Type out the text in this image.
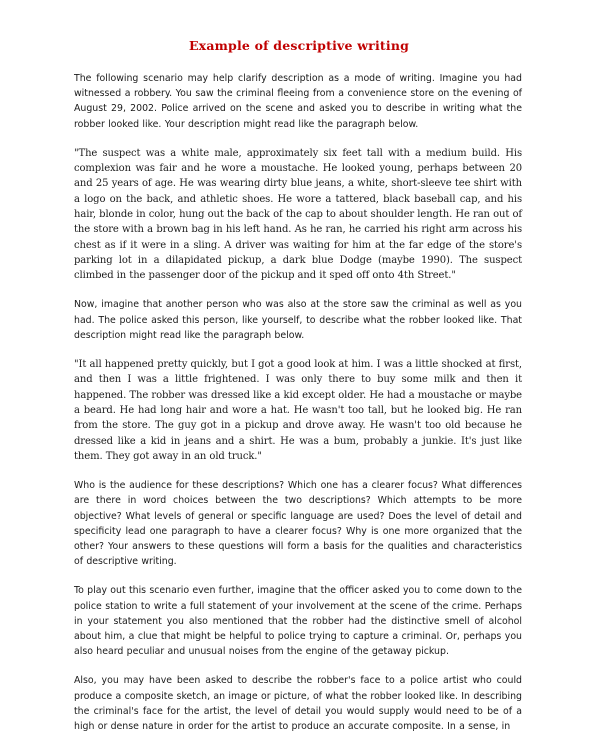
Example of descriptive writing

The following scenario may help clarify description as a mode of writing. Imagine you had witnessed a robbery. You saw the criminal fleeing from a convenience store on the evening of August 29, 2002. Police arrived on the scene and asked you to describe in writing what the robber looked like. Your description might read like the paragraph below.

"The suspect was a white male, approximately six feet tall with a medium build. His complexion was fair and he wore a moustache. He looked young, perhaps between 20 and 25 years of age. He was wearing dirty blue jeans, a white, short-sleeve tee shirt with a logo on the back, and athletic shoes. He wore a tattered, black baseball cap, and his hair, blonde in color, hung out the back of the cap to about shoulder length. He ran out of the store with a brown bag in his left hand. As he ran, he carried his right arm across his chest as if it were in a sling. A driver was waiting for him at the far edge of the store's parking lot in a dilapidated pickup, a dark blue Dodge (maybe 1990). The suspect climbed in the passenger door of the pickup and it sped off onto 4th Street."

Now, imagine that another person who was also at the store saw the criminal as well as you had. The police asked this person, like yourself, to describe what the robber looked like. That description might read like the paragraph below.

"It all happened pretty quickly, but I got a good look at him. I was a little shocked at first, and then I was a little frightened. I was only there to buy some milk and then it happened. The robber was dressed like a kid except older. He had a moustache or maybe a beard. He had long hair and wore a hat. He wasn't too tall, but he looked big. He ran from the store. The guy got in a pickup and drove away. He wasn't too old because he dressed like a kid in jeans and a shirt. He was a bum, probably a junkie. It's just like them. They got away in an old truck."

Who is the audience for these descriptions? Which one has a clearer focus? What differences are there in word choices between the two descriptions? Which attempts to be more objective? What levels of general or specific language are used? Does the level of detail and specificity lead one paragraph to have a clearer focus? Why is one more organized that the other? Your answers to these questions will form a basis for the qualities and characteristics of descriptive writing.

To play out this scenario even further, imagine that the officer asked you to come down to the police station to write a full statement of your involvement at the scene of the crime. Perhaps in your statement you also mentioned that the robber had the distinctive smell of alcohol about him, a clue that might be helpful to police trying to capture a criminal. Or, perhaps you also heard peculiar and unusual noises from the engine of the getaway pickup.

Also, you may have been asked to describe the robber's face to a police artist who could produce a composite sketch, an image or picture, of what the robber looked like. In describing the criminal's face for the artist, the level of detail you would supply would need to be of a high or dense nature in order for the artist to produce an accurate composite. In a sense, in
